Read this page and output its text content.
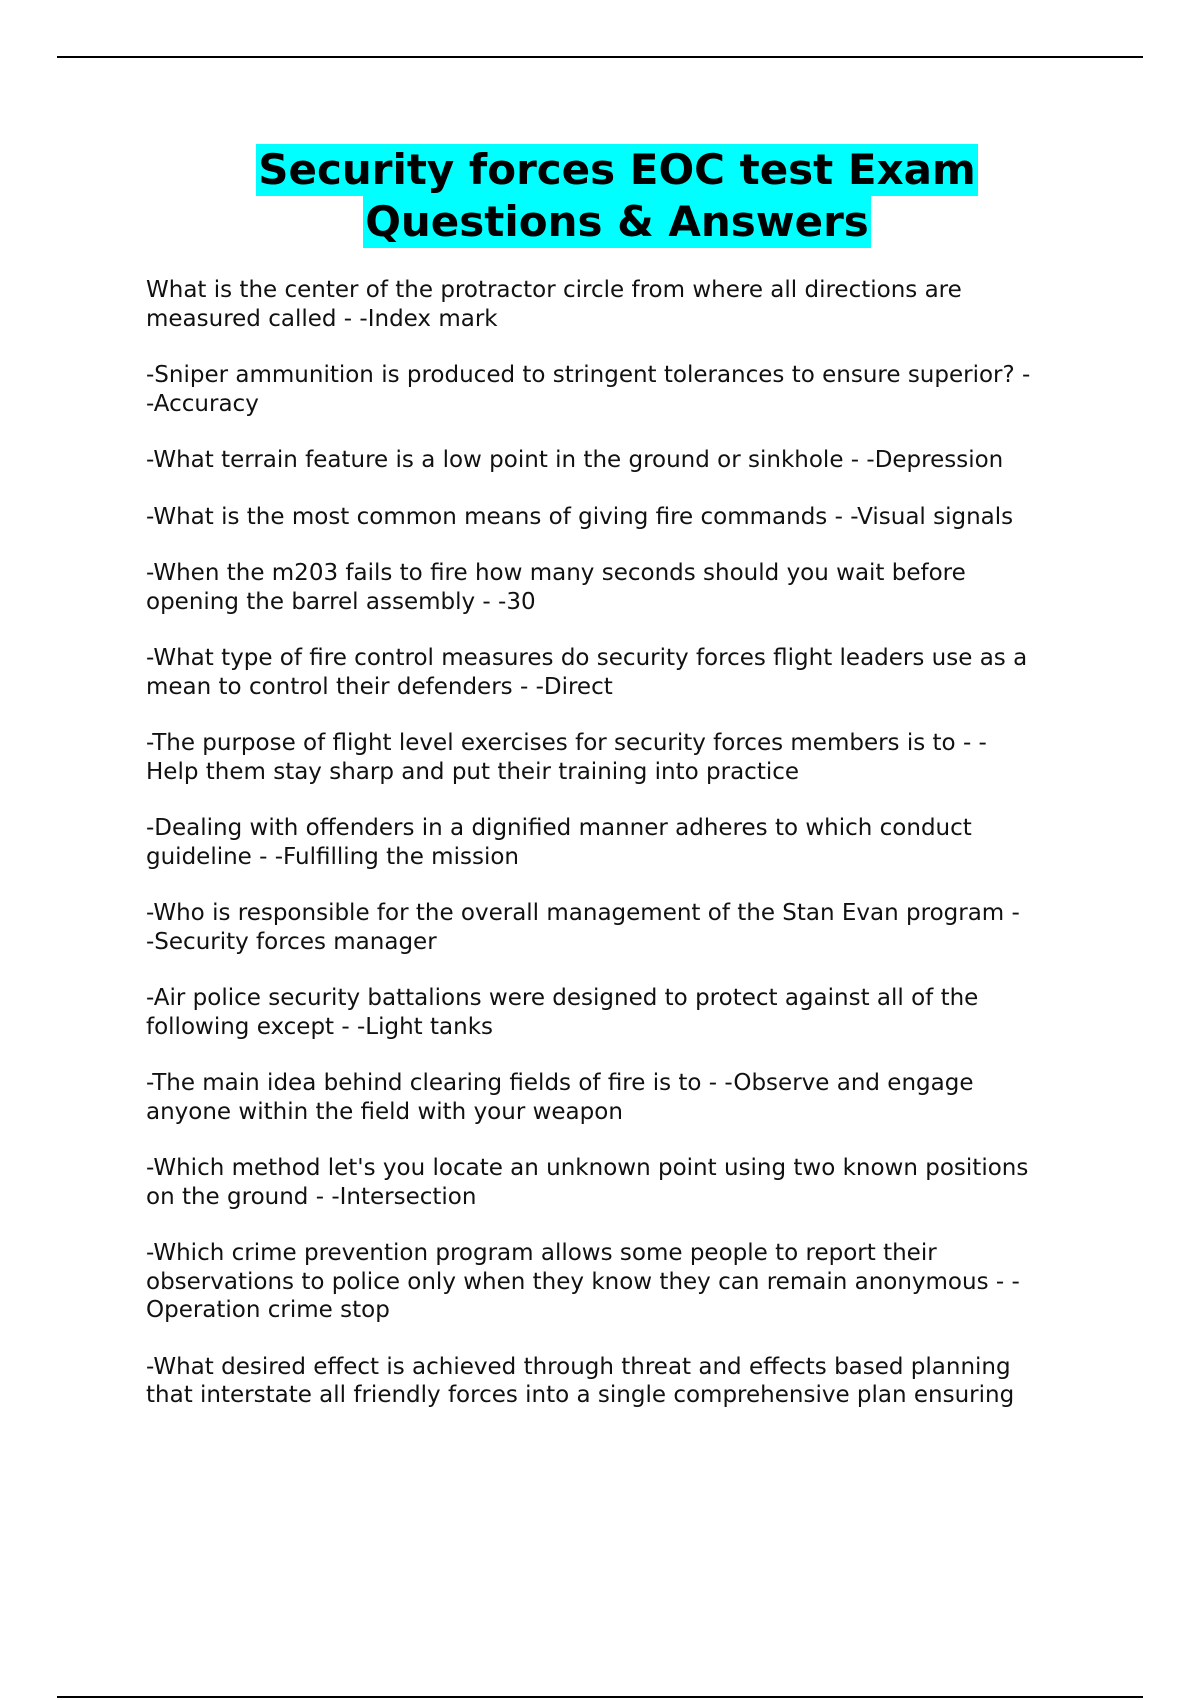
Security forces EOC test Exam
Questions & Answers

What is the center of the protractor circle from where all directions are
measured called - -Index mark

-Sniper ammunition is produced to stringent tolerances to ensure superior? -
-Accuracy

-What terrain feature is a low point in the ground or sinkhole - -Depression

-What is the most common means of giving fire commands - -Visual signals

-When the m203 fails to fire how many seconds should you wait before
opening the barrel assembly - -30

-What type of fire control measures do security forces flight leaders use as a
mean to control their defenders - -Direct

-The purpose of flight level exercises for security forces members is to - -
Help them stay sharp and put their training into practice

-Dealing with offenders in a dignified manner adheres to which conduct
guideline - -Fulfilling the mission

-Who is responsible for the overall management of the Stan Evan program -
-Security forces manager

-Air police security battalions were designed to protect against all of the
following except - -Light tanks

-The main idea behind clearing fields of fire is to - -Observe and engage
anyone within the field with your weapon

-Which method let's you locate an unknown point using two known positions
on the ground - -Intersection

-Which crime prevention program allows some people to report their
observations to police only when they know they can remain anonymous - -
Operation crime stop

-What desired effect is achieved through threat and effects based planning
that interstate all friendly forces into a single comprehensive plan ensuring
